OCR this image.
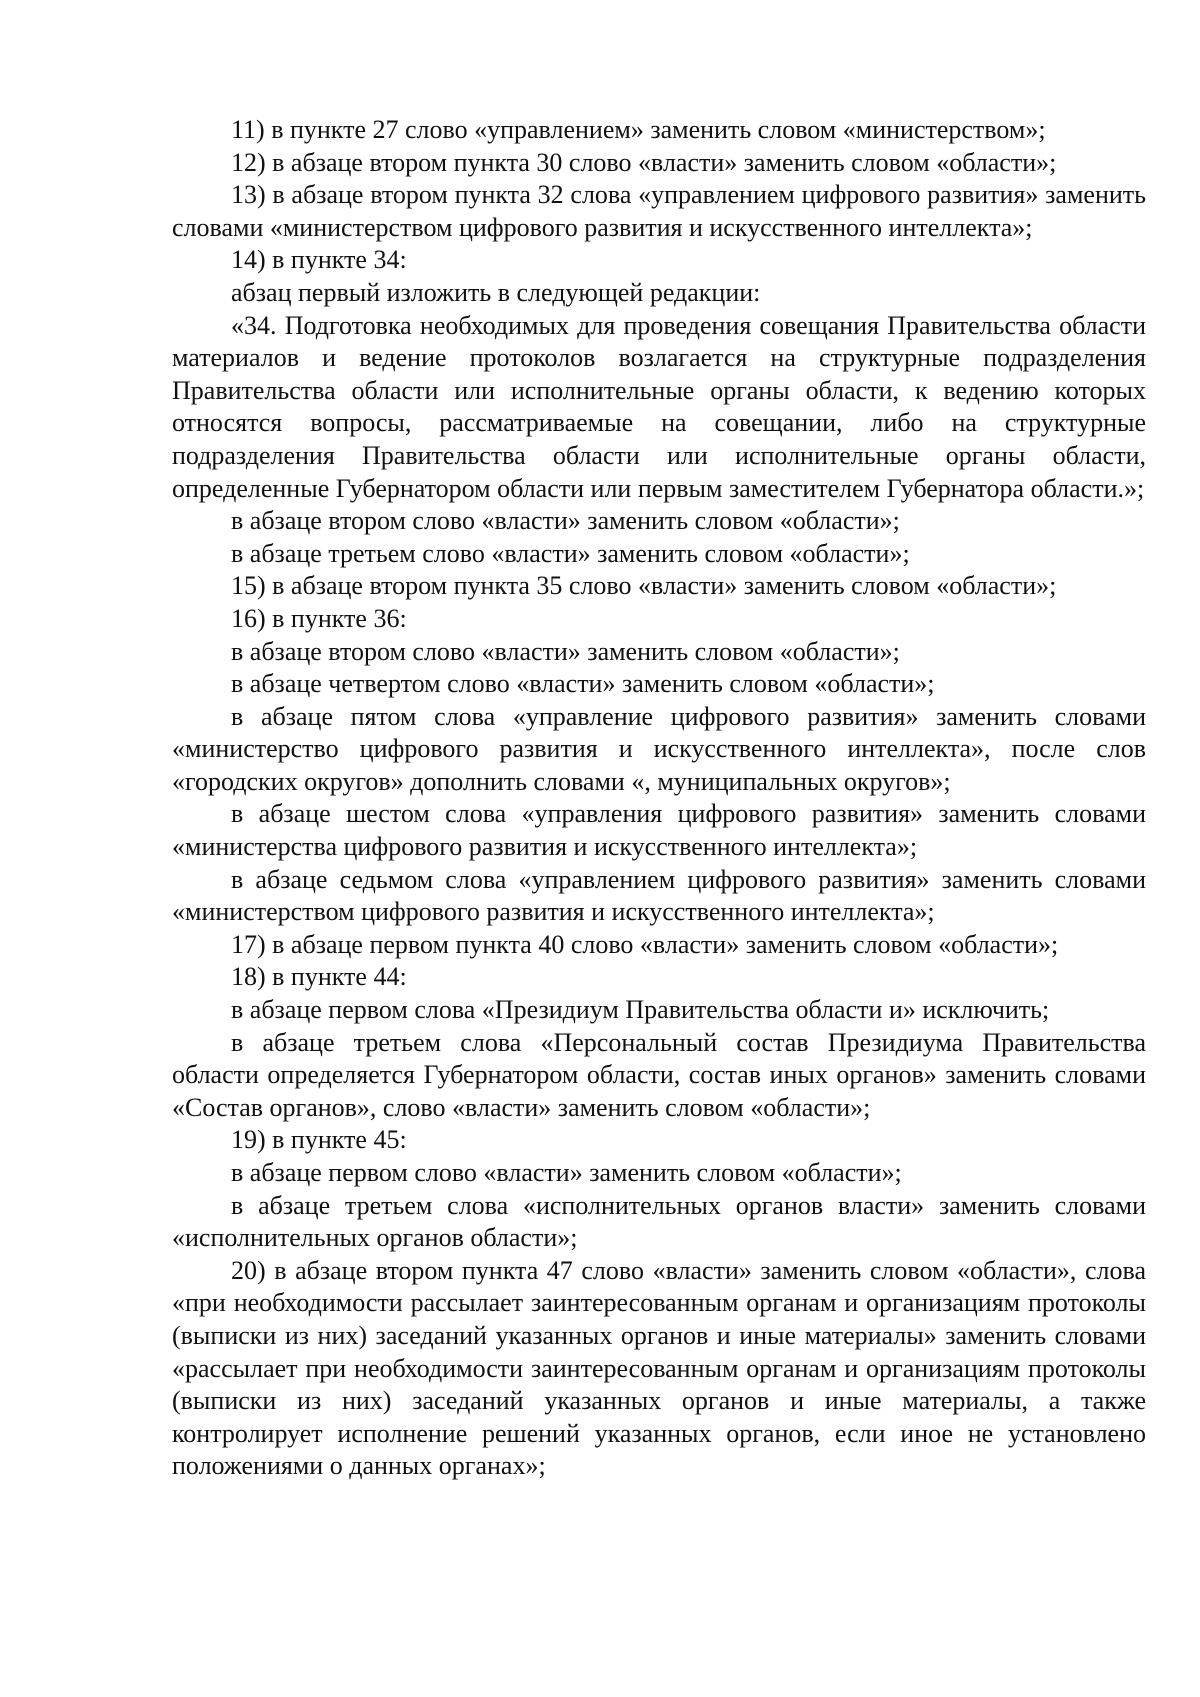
11) в пункте 27 слово «управлением» заменить словом «министерством»;

12) в абзаце втором пункта 30 слово «власти» заменить словом «области»;

13) в абзаце втором пункта 32 слова «управлением цифрового развития» заменить словами «министерством цифрового развития и искусственного интеллекта»;

14) в пункте 34:

абзац первый изложить в следующей редакции:

«34. Подготовка необходимых для проведения совещания Правительства области материалов и ведение протоколов возлагается на структурные подразделения Правительства области или исполнительные органы области, к ведению которых относятся вопросы, рассматриваемые на совещании, либо на структурные подразделения Правительства области или исполнительные органы области, определенные Губернатором области или первым заместителем Губернатора области.»;

в абзаце втором слово «власти» заменить словом «области»;

в абзаце третьем слово «власти» заменить словом «области»;

15) в абзаце втором пункта 35 слово «власти» заменить словом «области»;

16) в пункте 36:

в абзаце втором слово «власти» заменить словом «области»;

в абзаце четвертом слово «власти» заменить словом «области»;

в абзаце пятом слова «управление цифрового развития» заменить словами «министерство цифрового развития и искусственного интеллекта», после слов «городских округов» дополнить словами «, муниципальных округов»;

в абзаце шестом слова «управления цифрового развития» заменить словами «министерства цифрового развития и искусственного интеллекта»;

в абзаце седьмом слова «управлением цифрового развития» заменить словами «министерством цифрового развития и искусственного интеллекта»;

17) в абзаце первом пункта 40 слово «власти» заменить словом «области»;

18) в пункте 44:

в абзаце первом слова «Президиум Правительства области и» исключить;

в абзаце третьем слова «Персональный состав Президиума Правительства области определяется Губернатором области, состав иных органов» заменить словами «Состав органов», слово «власти» заменить словом «области»;

19) в пункте 45:

в абзаце первом слово «власти» заменить словом «области»;

в абзаце третьем слова «исполнительных органов власти» заменить словами «исполнительных органов области»;

20) в абзаце втором пункта 47 слово «власти» заменить словом «области», слова «при необходимости рассылает заинтересованным органам и организациям протоколы (выписки из них) заседаний указанных органов и иные материалы» заменить словами «рассылает при необходимости заинтересованным органам и организациям протоколы (выписки из них) заседаний указанных органов и иные материалы, а также контролирует исполнение решений указанных органов, если иное не установлено положениями о данных органах»;
